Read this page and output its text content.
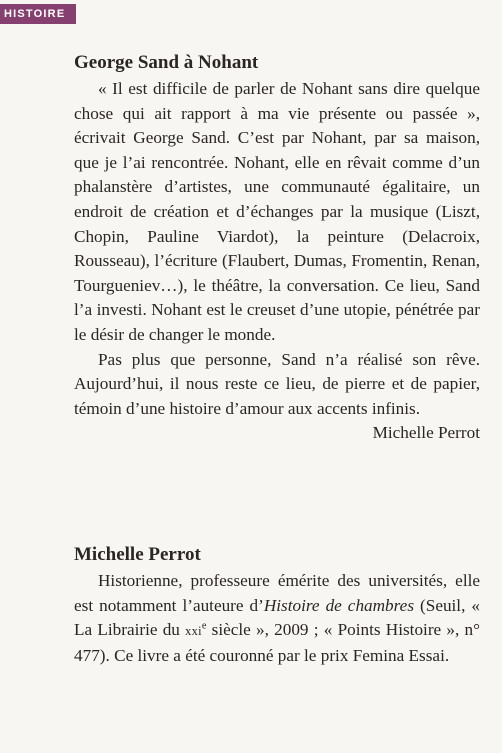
HISTOIRE
George Sand à Nohant

« Il est difficile de parler de Nohant sans dire quelque chose qui ait rapport à ma vie présente ou passée », écrivait George Sand. C’est par Nohant, par sa maison, que je l’ai rencontrée. Nohant, elle en rêvait comme d’un phalanstère d’artistes, une communauté égalitaire, un endroit de création et d’échanges par la musique (Liszt, Chopin, Pauline Viardot), la peinture (Delacroix, Rousseau), l’écriture (Flaubert, Dumas, Fromentin, Renan, Tourgueniev…), le théâtre, la conversation. Ce lieu, Sand l’a investi. Nohant est le creuset d’une utopie, pénétrée par le désir de changer le monde.

Pas plus que personne, Sand n’a réalisé son rêve. Aujourd’hui, il nous reste ce lieu, de pierre et de papier, témoin d’une histoire d’amour aux accents infinis.

Michelle Perrot

Michelle Perrot

Historienne, professeure émérite des universités, elle est notamment l’auteure d’Histoire de chambres (Seuil, « La Librairie du xxi$^e$ siècle », 2009 ; « Points Histoire », n° 477). Ce livre a été couronné par le prix Femina Essai.
